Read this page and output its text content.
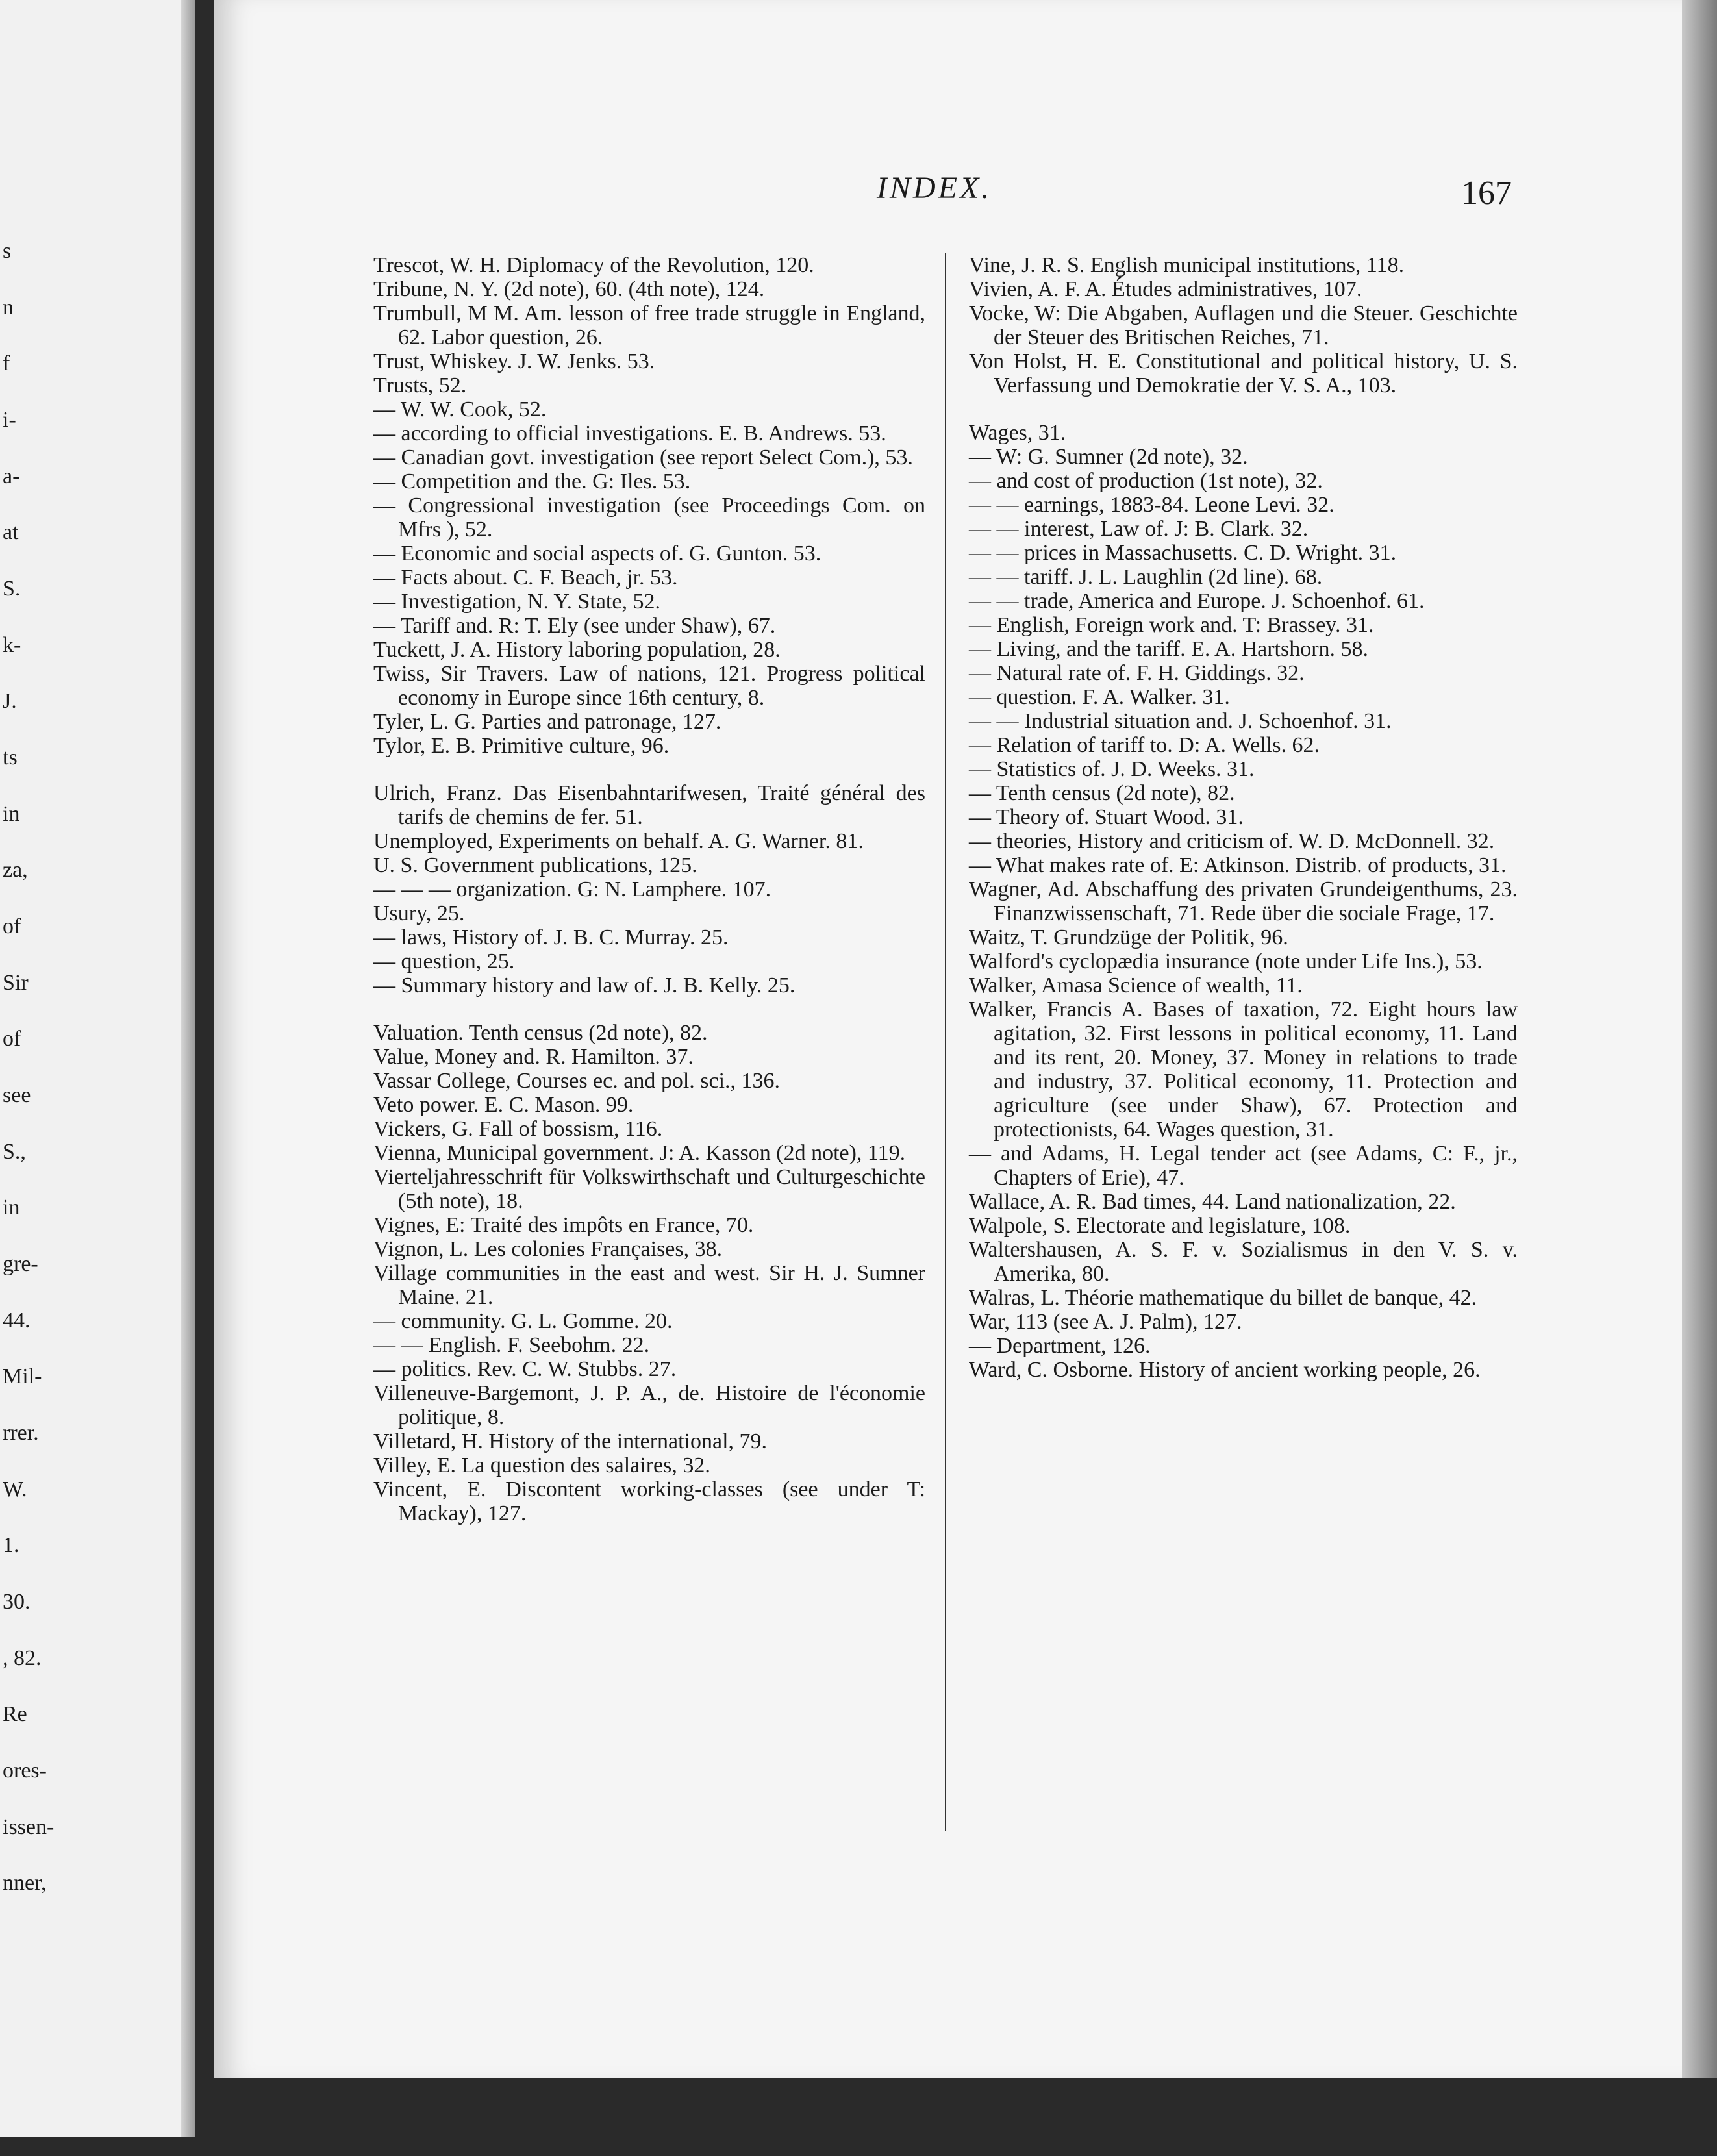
s
n
f
i-
a-
at
S.
k-
J.
ts
in
za,
of
Sir
of
see
S.,
in
gre-
44.
Mil-
rrer.
W.
1.
30.
, 82.
Re
ores-
issen-
nner,
INDEX.	167

Trescot, W. H. Diplomacy of the Revolution, 120.

Tribune, N. Y. (2d note), 60. (4th note), 124.

Trumbull, M M. Am. lesson of free trade struggle in England, 62. Labor question, 26.

Trust, Whiskey. J. W. Jenks. 53.

Trusts, 52.

— W. W. Cook, 52.

— according to official investigations. E. B. Andrews. 53.

— Canadian govt. investigation (see report Select Com.), 53.

— Competition and the. G: Iles. 53.

— Congressional investigation (see Proceedings Com. on Mfrs ), 52.

— Economic and social aspects of. G. Gunton. 53.

— Facts about. C. F. Beach, jr. 53.

— Investigation, N. Y. State, 52.

— Tariff and. R: T. Ely (see under Shaw), 67.

Tuckett, J. A. History laboring population, 28.

Twiss, Sir Travers. Law of nations, 121. Progress political economy in Europe since 16th century, 8.

Tyler, L. G. Parties and patronage, 127.

Tylor, E. B. Primitive culture, 96.

Ulrich, Franz. Das Eisenbahntarifwesen, Traité général des tarifs de chemins de fer. 51.

Unemployed, Experiments on behalf. A. G. Warner. 81.

U. S. Government publications, 125.

— — — organization. G: N. Lamphere. 107.

Usury, 25.

— laws, History of. J. B. C. Murray. 25.

— question, 25.

— Summary history and law of. J. B. Kelly. 25.

Valuation. Tenth census (2d note), 82.

Value, Money and. R. Hamilton. 37.

Vassar College, Courses ec. and pol. sci., 136.

Veto power. E. C. Mason. 99.

Vickers, G. Fall of bossism, 116.

Vienna, Municipal government. J: A. Kasson (2d note), 119.

Vierteljahresschrift für Volkswirthschaft und Culturgeschichte (5th note), 18.

Vignes, E: Traité des impôts en France, 70.

Vignon, L. Les colonies Françaises, 38.

Village communities in the east and west. Sir H. J. Sumner Maine. 21.

— community. G. L. Gomme. 20.

— — English. F. Seebohm. 22.

— politics. Rev. C. W. Stubbs. 27.

Villeneuve-Bargemont, J. P. A., de. Histoire de l'économie politique, 8.

Villetard, H. History of the international, 79.

Villey, E. La question des salaires, 32.

Vincent, E. Discontent working-classes (see under T: Mackay), 127.

Vine, J. R. S. English municipal institutions, 118.

Vivien, A. F. A. Études administratives, 107.

Vocke, W: Die Abgaben, Auflagen und die Steuer. Geschichte der Steuer des Britischen Reiches, 71.

Von Holst, H. E. Constitutional and political history, U. S. Verfassung und Demokratie der V. S. A., 103.

Wages, 31.

— W: G. Sumner (2d note), 32.

— and cost of production (1st note), 32.

— — earnings, 1883-84. Leone Levi. 32.

— — interest, Law of. J: B. Clark. 32.

— — prices in Massachusetts. C. D. Wright. 31.

— — tariff. J. L. Laughlin (2d line). 68.

— — trade, America and Europe. J. Schoenhof. 61.

— English, Foreign work and. T: Brassey. 31.

— Living, and the tariff. E. A. Hartshorn. 58.

— Natural rate of. F. H. Giddings. 32.

— question. F. A. Walker. 31.

— — Industrial situation and. J. Schoenhof. 31.

— Relation of tariff to. D: A. Wells. 62.

— Statistics of. J. D. Weeks. 31.

— Tenth census (2d note), 82.

— Theory of. Stuart Wood. 31.

— theories, History and criticism of. W. D. McDonnell. 32.

— What makes rate of. E: Atkinson. Distrib. of products, 31.

Wagner, Ad. Abschaffung des privaten Grundeigenthums, 23. Finanzwissenschaft, 71. Rede über die sociale Frage, 17.

Waitz, T. Grundzüge der Politik, 96.

Walford's cyclopædia insurance (note under Life Ins.), 53.

Walker, Amasa Science of wealth, 11.

Walker, Francis A. Bases of taxation, 72. Eight hours law agitation, 32. First lessons in political economy, 11. Land and its rent, 20. Money, 37. Money in relations to trade and industry, 37. Political economy, 11. Protection and agriculture (see under Shaw), 67. Protection and protectionists, 64. Wages question, 31.

— and Adams, H. Legal tender act (see Adams, C: F., jr., Chapters of Erie), 47.

Wallace, A. R. Bad times, 44. Land nationalization, 22.

Walpole, S. Electorate and legislature, 108.

Waltershausen, A. S. F. v. Sozialismus in den V. S. v. Amerika, 80.

Walras, L. Théorie mathematique du billet de banque, 42.

War, 113 (see A. J. Palm), 127.

— Department, 126.

Ward, C. Osborne. History of ancient working people, 26.
